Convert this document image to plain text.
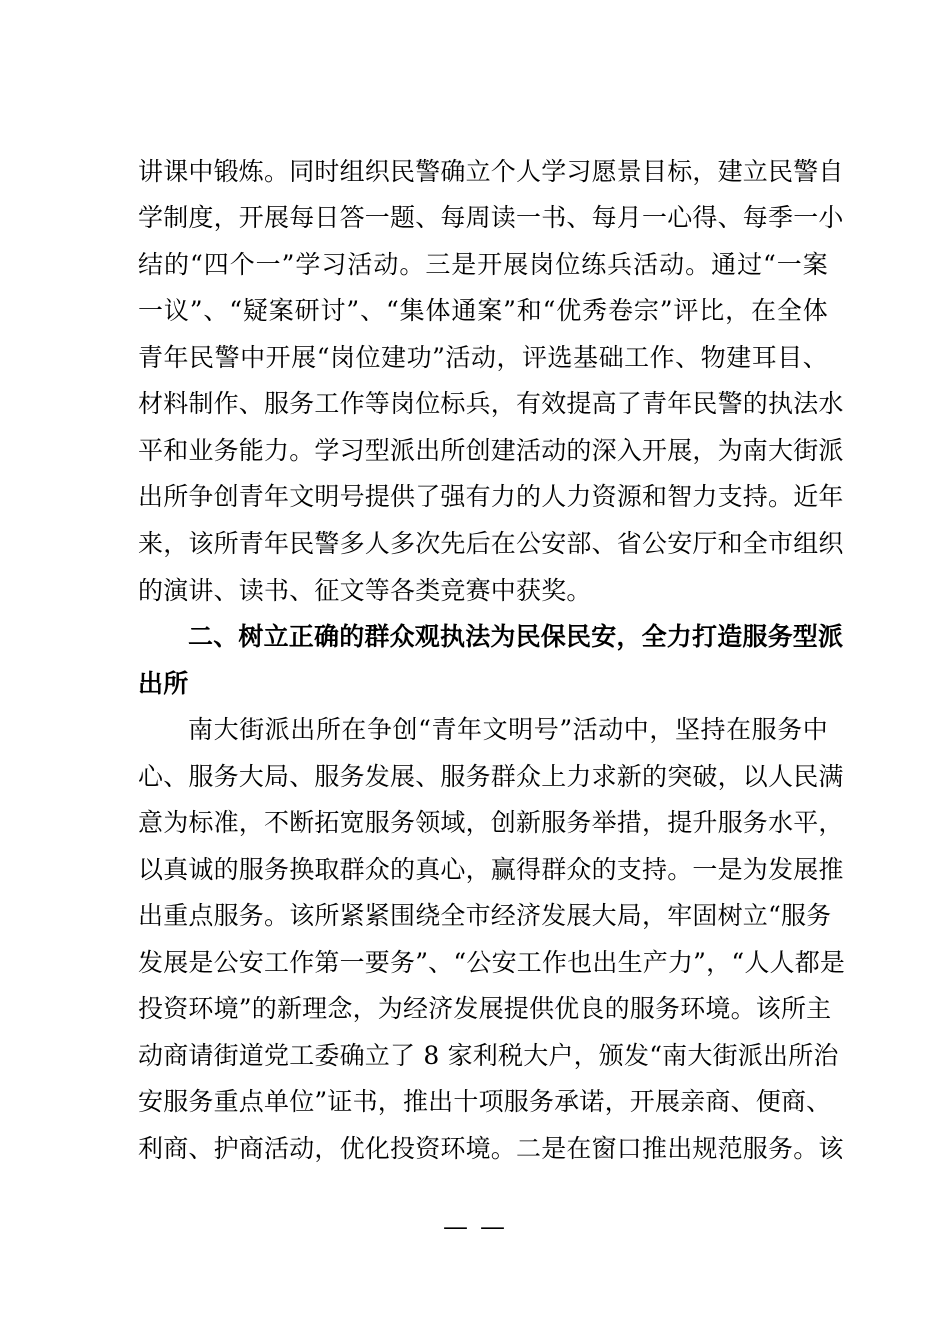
讲课中锻炼。同时组织民警确立个人学习愿景目标，建立民警自
学制度，开展每日答一题、每周读一书、每月一心得、每季一小
结的“四个一”学习活动。三是开展岗位练兵活动。通过“一案
一议”、“疑案研讨”、“集体通案”和“优秀卷宗”评比，在全体
青年民警中开展“岗位建功”活动，评选基础工作、物建耳目、
材料制作、服务工作等岗位标兵，有效提高了青年民警的执法水
平和业务能力。学习型派出所创建活动的深入开展，为南大街派
出所争创青年文明号提供了强有力的人力资源和智力支持。近年
来，该所青年民警多人多次先后在公安部、省公安厅和全市组织
的演讲、读书、征文等各类竞赛中获奖。
二、树立正确的群众观执法为民保民安，全力打造服务型派
出所
南大街派出所在争创“青年文明号”活动中，坚持在服务中
心、服务大局、服务发展、服务群众上力求新的突破，以人民满
意为标准，不断拓宽服务领域，创新服务举措，提升服务水平，
以真诚的服务换取群众的真心，赢得群众的支持。一是为发展推
出重点服务。该所紧紧围绕全市经济发展大局，牢固树立“服务
发展是公安工作第一要务”、“公安工作也出生产力”，“人人都是
投资环境”的新理念，为经济发展提供优良的服务环境。该所主
动商请街道党工委确立了 8 家利税大户，颁发“南大街派出所治
安服务重点单位”证书，推出十项服务承诺，开展亲商、便商、
利商、护商活动，优化投资环境。二是在窗口推出规范服务。该
— —
